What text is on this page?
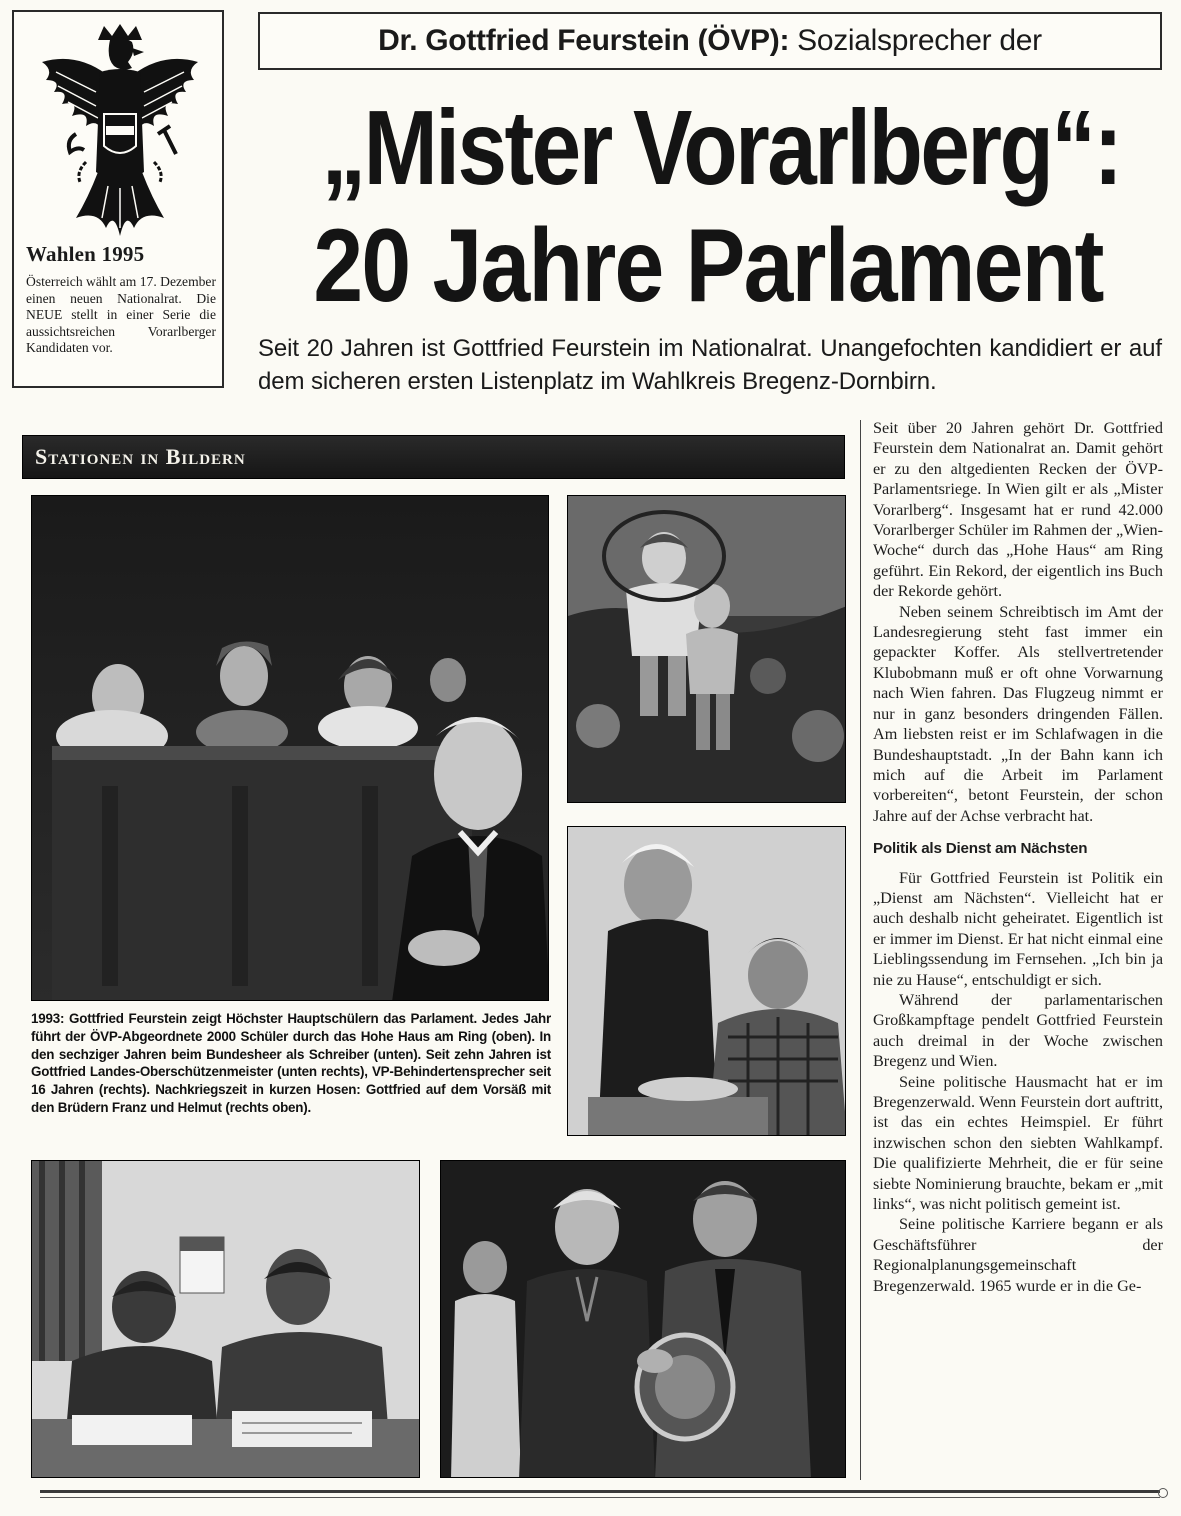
Wahlen 1995
Österreich wählt am 17. Dezember einen neuen Nationalrat. Die NEUE stellt in einer Serie die aussichtsreichen Vorarlberger Kandidaten vor.
Dr. Gottfried Feurstein (ÖVP): Sozialsprecher der
„Mister Vorarlberg“:
20 Jahre Parlament
Seit 20 Jahren ist Gottfried Feurstein im Nationalrat. Unangefochten kandidiert er auf dem sicheren ersten Listenplatz im Wahlkreis Bregenz-Dornbirn.
Stationen in Bildern
1993: Gottfried Feurstein zeigt Höchster Hauptschülern das Parlament. Jedes Jahr führt der ÖVP-Abgeordnete 2000 Schüler durch das Hohe Haus am Ring (oben). In den sechziger Jahren beim Bundesheer als Schreiber (unten). Seit zehn Jahren ist Gottfried Landes-Oberschützenmeister (unten rechts), VP-Behindertensprecher seit 16 Jahren (rechts). Nachkriegszeit in kurzen Hosen: Gottfried auf dem Vorsäß mit den Brüdern Franz und Helmut (rechts oben).

Seit über 20 Jahren gehört Dr. Gottfried Feurstein dem Nationalrat an. Damit gehört er zu den altgedienten Recken der ÖVP-Parlamentsriege. In Wien gilt er als „Mister Vorarlberg“. Insgesamt hat er rund 42.000 Vorarlberger Schüler im Rahmen der „Wien-Woche“ durch das „Hohe Haus“ am Ring geführt. Ein Rekord, der eigentlich ins Buch der Rekorde gehört.

Neben seinem Schreibtisch im Amt der Landesregierung steht fast immer ein gepackter Koffer. Als stellvertretender Klubobmann muß er oft ohne Vorwarnung nach Wien fahren. Das Flugzeug nimmt er nur in ganz besonders dringenden Fällen. Am liebsten reist er im Schlafwagen in die Bundeshauptstadt. „In der Bahn kann ich mich auf die Arbeit im Parlament vorbereiten“, betont Feurstein, der schon Jahre auf der Achse verbracht hat.

Politik als Dienst am Nächsten

Für Gottfried Feurstein ist Politik ein „Dienst am Nächsten“. Vielleicht hat er auch deshalb nicht geheiratet. Eigentlich ist er immer im Dienst. Er hat nicht einmal eine Lieblingssendung im Fernsehen. „Ich bin ja nie zu Hause“, entschuldigt er sich.

Während der parlamentarischen Großkampftage pendelt Gottfried Feurstein auch dreimal in der Woche zwischen Bregenz und Wien.

Seine politische Hausmacht hat er im Bregenzerwald. Wenn Feurstein dort auftritt, ist das ein echtes Heimspiel. Er führt inzwischen schon den siebten Wahlkampf. Die qualifizierte Mehrheit, die er für seine siebte Nominierung brauchte, bekam er „mit links“, was nicht politisch gemeint ist.

Seine politische Karriere begann er als Geschäftsführer der Regionalplanungsgemeinschaft Bregenzerwald. 1965 wurde er in die Ge-
